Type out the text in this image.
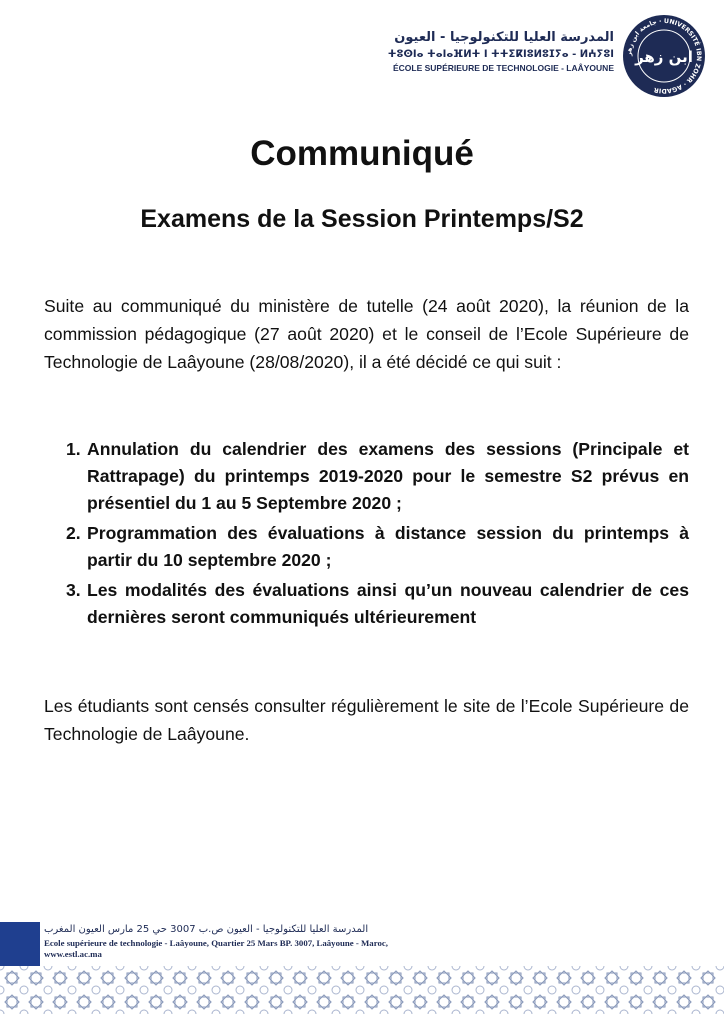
المدرسة العليا للتكنولوجيا - العيون
ⵜⵓⵙⵏⴰ ⵜⴰⵏⴰⴼⵍⵜ ⵏ ⵜⵜⵉⴽⵏⵓⵍⵓⵊⵢⴰ - ⵍⵄⵢⵓⵏ
ÉCOLE SUPÉRIEURE DE TECHNOLOGIE - LAÂYOUNE
جامعة ابن زهر · UNIVERSITÉ IBN ZOHR · AGADIR
ابن زهر
Communiqué
Examens de la Session Printemps/S2
Suite au communiqué du ministère de tutelle (24 août 2020), la réunion de la commission pédagogique (27 août 2020) et le conseil de l’Ecole Supérieure de Technologie de Laâyoune (28/08/2020), il a été décidé ce qui suit :
1. Annulation du calendrier des examens des sessions (Principale et Rattrapage) du printemps 2019-2020 pour le semestre S2 prévus en présentiel du 1 au 5 Septembre 2020 ;
2. Programmation des évaluations à distance session du printemps à partir du 10 septembre 2020 ;
3. Les modalités des évaluations ainsi qu’un nouveau calendrier de ces dernières seront communiqués ultérieurement
Les étudiants sont censés consulter régulièrement le site de l’Ecole Supérieure de Technologie de Laâyoune.
المدرسة العليا للتكنولوجيا - العيون ص.ب 3007 حي 25 مارس العيون المغرب
Ecole supérieure de technologie - Laâyoune, Quartier 25 Mars BP. 3007, Laâyoune - Maroc,
www.estl.ac.ma
